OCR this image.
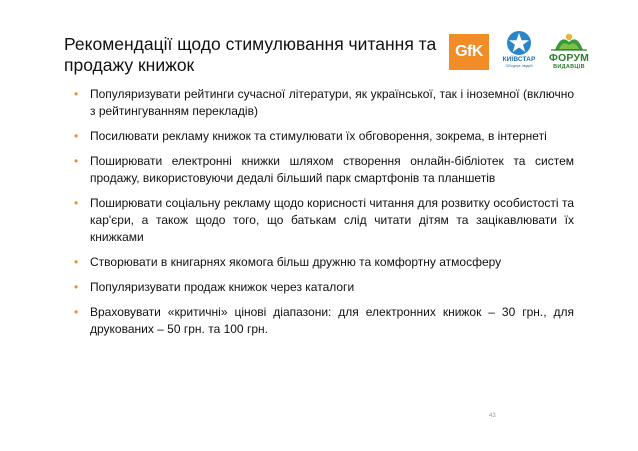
Рекомендації щодо стимулювання читання та продажу книжок
GfK	КИЇВСТАР
Об'єднує людей
ФОРУМ
ВИДАВЦІВ
• Популяризувати рейтинги сучасної літератури, як української, так і іноземної (включно з рейтингуванням перекладів)
• Посилювати рекламу книжок та стимулювати їх обговорення, зокрема, в інтернеті
• Поширювати електронні книжки шляхом створення онлайн-бібліотек та систем продажу, використовуючи дедалі більший парк смартфонів та планшетів
• Поширювати соціальну рекламу щодо корисності читання для розвитку особистості та кар'єри, а також щодо того, що батькам слід читати дітям та зацікавлювати їх книжками
• Створювати в книгарнях якомога більш дружню та комфортну атмосферу
• Популяризувати продаж книжок через каталоги
• Враховувати «критичні» цінові діапазони: для електронних книжок – 30 грн., для друкованих – 50 грн. та 100 грн.
43
